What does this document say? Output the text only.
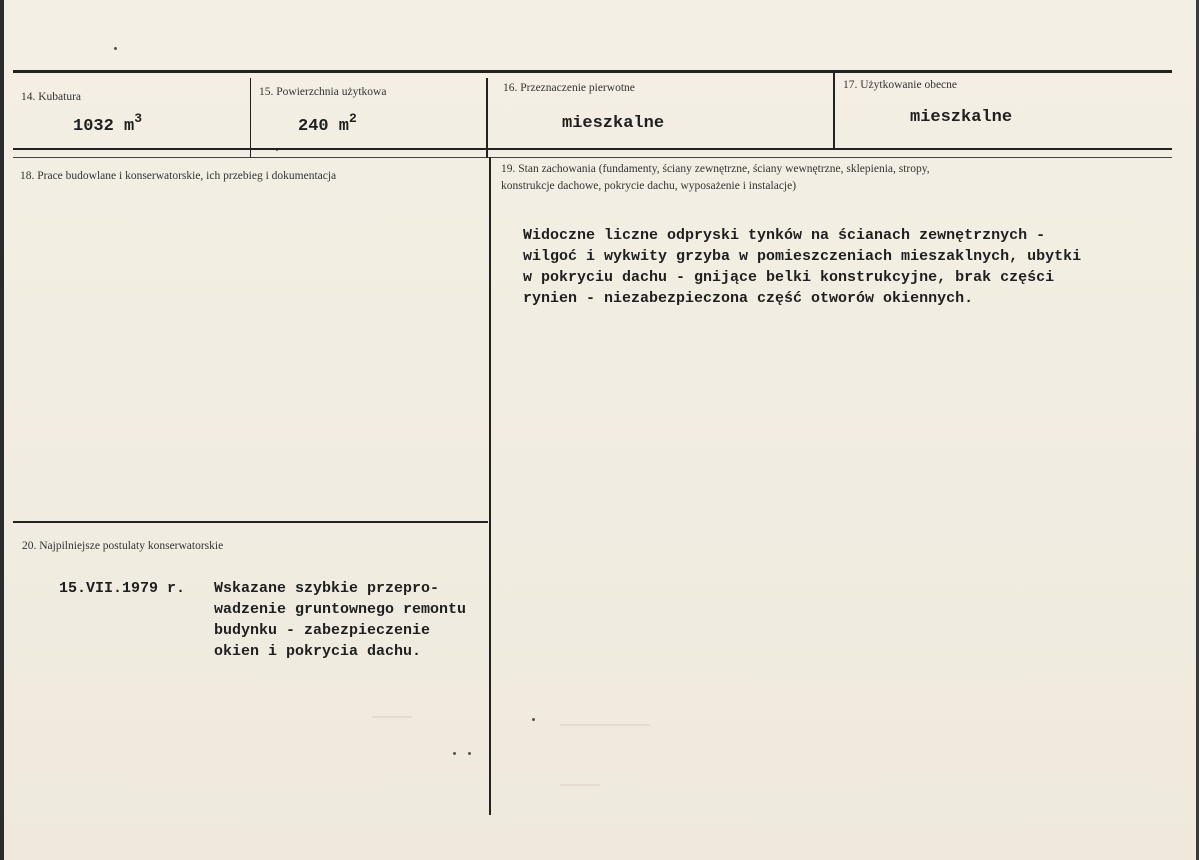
14. Kubatura
1032 $m^3$
15. Powierzchnia użytkowa
240 $m^2$
16. Przeznaczenie pierwotne
mieszkalne
17. Użytkowanie obecne
mieszkalne
18. Prace budowlane i konserwatorskie, ich przebieg i dokumentacja
19. Stan zachowania (fundamenty, ściany zewnętrzne, ściany wewnętrzne, sklepienia, stropy,
konstrukcje dachowe, pokrycie dachu, wyposażenie i instalacje)
Widoczne liczne odpryski tynków na ścianach zewnętrznych -
wilgoć i wykwity grzyba w pomieszczeniach mieszaklnych, ubytki
w pokryciu dachu - gnijące belki konstrukcyjne, brak części
rynien - niezabezpieczona część otworów okiennych.
20. Najpilniejsze postulaty konserwatorskie
15.VII.1979 r. Wskazane szybkie przepro-
wadzenie gruntownego remontu
budynku - zabezpieczenie
okien i pokrycia dachu.
